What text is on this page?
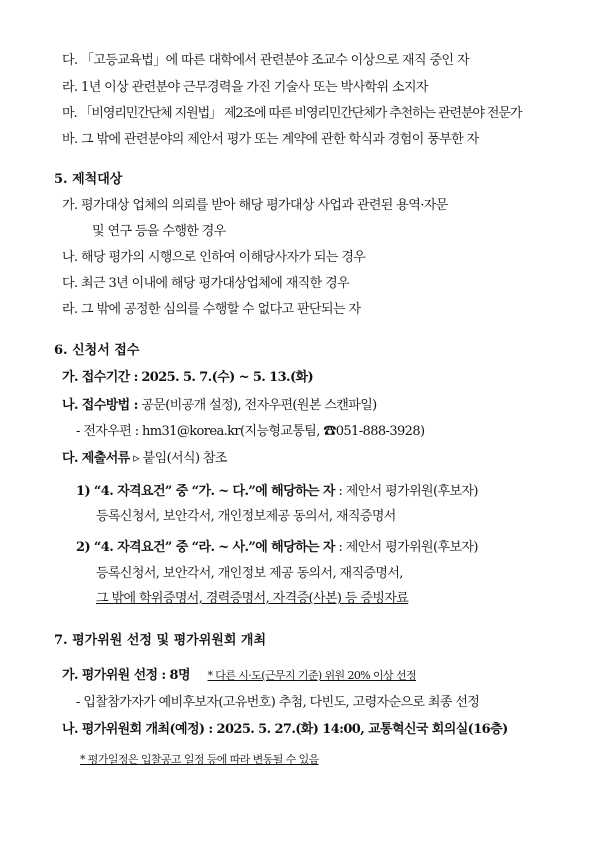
다. 「고등교육법」에 따른 대학에서 관련분야 조교수 이상으로 재직 중인 자
라. 1년 이상 관련분야 근무경력을 가진 기술사 또는 박사학위 소지자
마. 「비영리민간단체 지원법」 제2조에 따른 비영리민간단체가 추천하는 관련분야 전문가
바. 그 밖에 관련분야의 제안서 평가 또는 계약에 관한 학식과 경험이 풍부한 자
5. 제척대상
가. 평가대상 업체의 의뢰를 받아 해당 평가대상 사업과 관련된 용역·자문
및 연구 등을 수행한 경우
나. 해당 평가의 시행으로 인하여 이해당사자가 되는 경우
다. 최근 3년 이내에 해당 평가대상업체에 재직한 경우
라. 그 밖에 공정한 심의를 수행할 수 없다고 판단되는 자
6. 신청서 접수
가. 접수기간 : 2025. 5. 7.(수) ~ 5. 13.(화)
나. 접수방법 : 공문(비공개 설정), 전자우편(원본 스캔파일)
- 전자우편 : hm31@korea.kr(지능형교통팀, ☎051-888-3928)
다. 제출서류 ▹ 붙임(서식) 참조
1) “4. 자격요건” 중 “가. ~ 다.”에 해당하는 자 : 제안서 평가위원(후보자)
등록신청서, 보안각서, 개인정보제공 동의서, 재직증명서
2) “4. 자격요건” 중 “라. ~ 사.”에 해당하는 자 : 제안서 평가위원(후보자)
등록신청서, 보안각서, 개인정보 제공 동의서, 재직증명서,
그 밖에 학위증명서, 경력증명서, 자격증(사본) 등 증빙자료
7. 평가위원 선정 및 평가위원회 개최
가. 평가위원 선정 : 8명 * 다른 시·도(근무지 기준) 위원 20% 이상 선정
- 입찰참가자가 예비후보자(고유번호) 추첨, 다빈도, 고령자순으로 최종 선정
나. 평가위원회 개최(예정) : 2025. 5. 27.(화) 14:00, 교통혁신국 회의실(16층)
* 평가일정은 입찰공고 일정 등에 따라 변동될 수 있음
